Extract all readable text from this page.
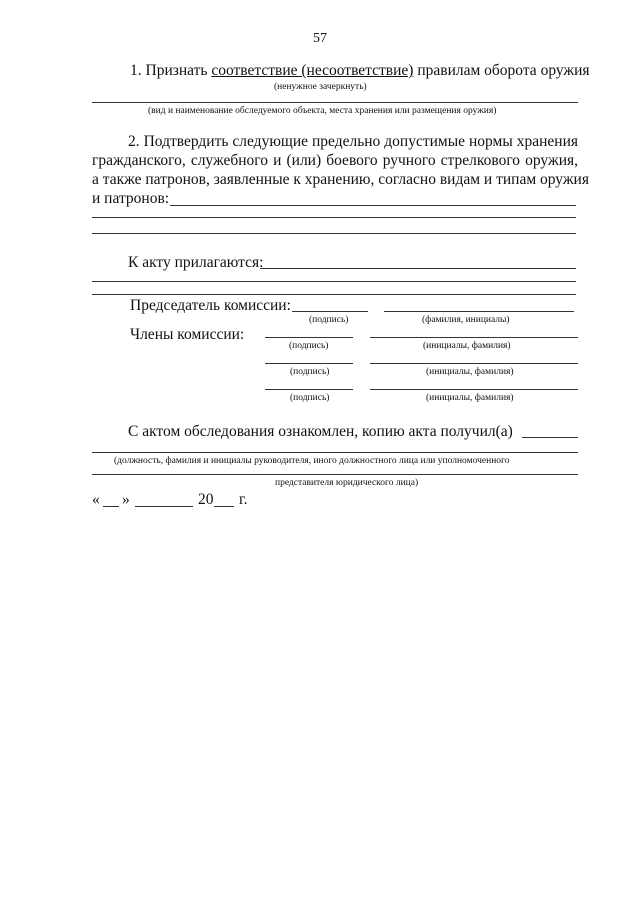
57
1. Признать соответствие (несоответствие) правилам оборота оружия
(ненужное зачеркнуть)
(вид и наименование обследуемого объекта, места хранения или размещения оружия)
2. Подтвердить следующие предельно допустимые нормы хранения
гражданского, служебного и (или) боевого ручного стрелкового оружия,
а также патронов, заявленные к хранению, согласно видам и типам оружия
и патронов:
К акту прилагаются:
Председатель комиссии:
(подпись)	(фамилия, инициалы)
Члены комиссии:
(подпись)	(инициалы, фамилия)
(подпись)	(инициалы, фамилия)
(подпись)	(инициалы, фамилия)
С актом обследования ознакомлен, копию акта получил(а)
(должность, фамилия и инициалы руководителя, иного должностного лица или уполномоченного
представителя юридического лица)
« »	20 г.
